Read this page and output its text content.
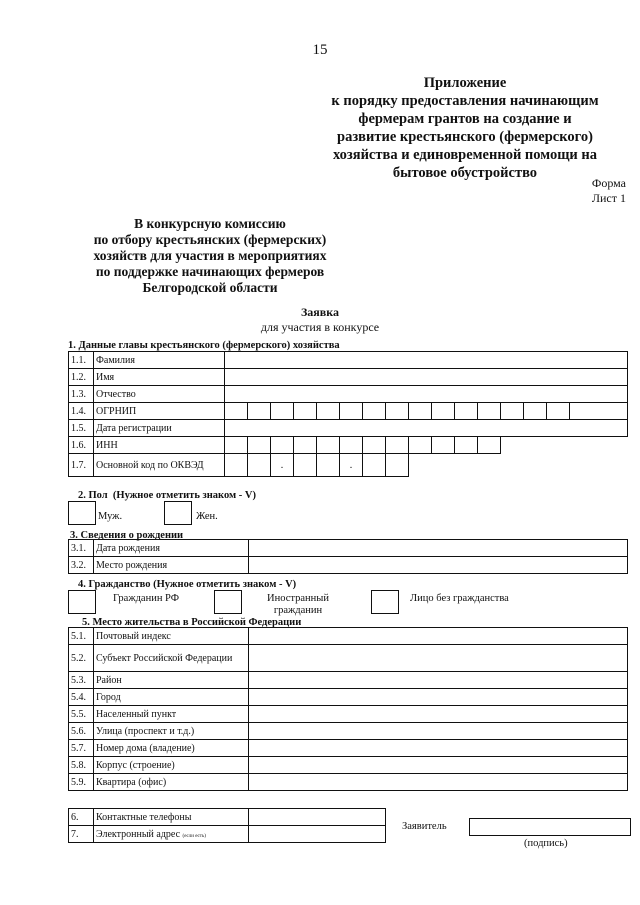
15
Приложение
к порядку предоставления начинающим
фермерам грантов на создание и
развитие крестьянского (фермерского)
хозяйства и единовременной помощи на
бытовое обустройство
Форма
Лист 1
В конкурсную комиссию
по отбору крестьянских (фермерских)
хозяйств для участия в мероприятиях
по поддержке начинающих фермеров
Белгородской области
Заявка
для участия в конкурсе
1. Данные главы крестьянского (фермерского) хозяйства
1.1.	Фамилия																
1.2.	Имя																
1.3.	Отчество																
1.4.	ОГРНИП																
1.5.	Дата регистрации																
1.6.	ИНН																
1.7.	Основной код по ОКВЭД			.			.										
2. Пол (Нужное отметить знаком - V)
Муж.	Жен.
3. Сведения о рождении
3.1.	Дата рождения	
3.2.	Место рождения	
4. Гражданство (Нужное отметить знаком - V)
Гражданин РФ	Иностранный
гражданин
Лицо без гражданства
5. Место жительства в Российской Федерации
5.1.	Почтовый индекс	
5.2.	Субъект Российской Федерации	
5.3.	Район	
5.4.	Город	
5.5.	Населенный пункт	
5.6.	Улица (проспект и т.д.)	
5.7.	Номер дома (владение)	
5.8.	Корпус (строение)	
5.9.	Квартира (офис)	
6.	Контактные телефоны	
7.	Электронный адрес (если есть)	
Заявитель
(подпись)
